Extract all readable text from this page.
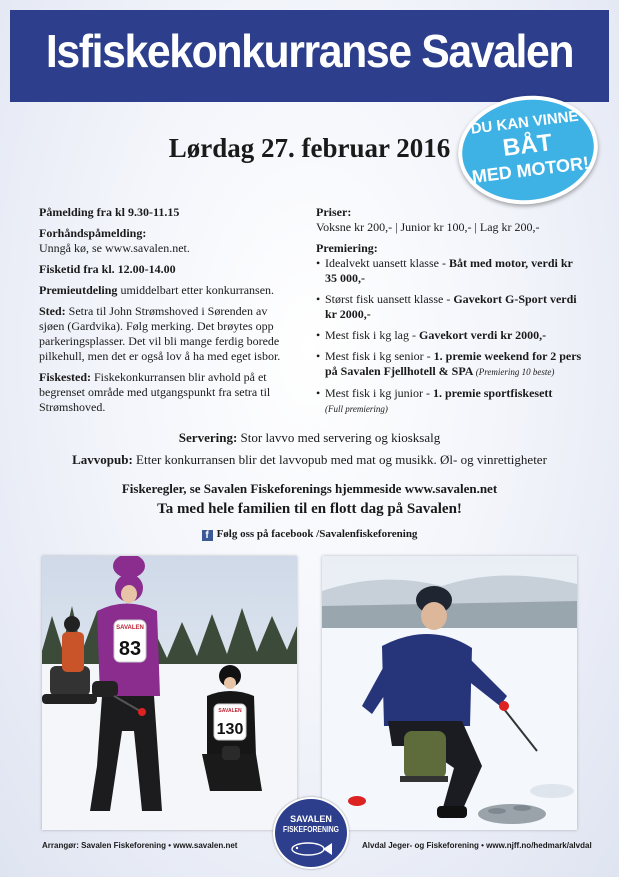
Isfiskekonkurranse Savalen
DU KAN VINNE
BÅT
MED MOTOR!
Lørdag 27. februar 2016

Påmelding fra kl 9.30-11.15

Forhåndspåmelding:
Unngå kø, se www.savalen.net.

Fisketid fra kl. 12.00-14.00

Premieutdeling umiddelbart etter konkurransen.

Sted: Setra til John Strømshoved i Sørenden av sjøen (Gardvika). Følg merking. Det brøytes opp parkeringsplasser. Det vil bli mange ferdig borede pilkehull, men det er også lov å ha med eget isbor.

Fiskested: Fiskekonkurransen blir avhold på et begrenset område med utgangspunkt fra setra til Strømshoved.

Priser:
Voksne kr 200,- | Junior kr 100,- | Lag kr 200,-
Premiering:
• Idealvekt uansett klasse - Båt med motor, verdi kr 35 000,-
• Størst fisk uansett klasse - Gavekort G-Sport verdi kr 2000,-
• Mest fisk i kg lag - Gavekort verdi kr 2000,-
• Mest fisk i kg senior - 1. premie weekend for 2 pers på Savalen Fjellhotell & SPA (Premiering 10 beste)
• Mest fisk i kg junior - 1. premie sportfiskesett
(Full premiering)
Servering: Stor lavvo med servering og kiosksalg
Lavvopub: Etter konkurransen blir det lavvopub med mat og musikk. Øl- og vinrettigheter
Fiskeregler, se Savalen Fiskeforenings hjemmeside www.savalen.net
Ta med hele familien til en flott dag på Savalen!
f Følg oss på facebook /Savalenfiskeforening
SAVALEN
83
SAVALEN
130
Arrangør: Savalen Fiskeforening • www.savalen.net	Alvdal Jeger- og Fiskeforening • www.njff.no/hedmark/alvdal
SAVALEN
FISKEFORENING
